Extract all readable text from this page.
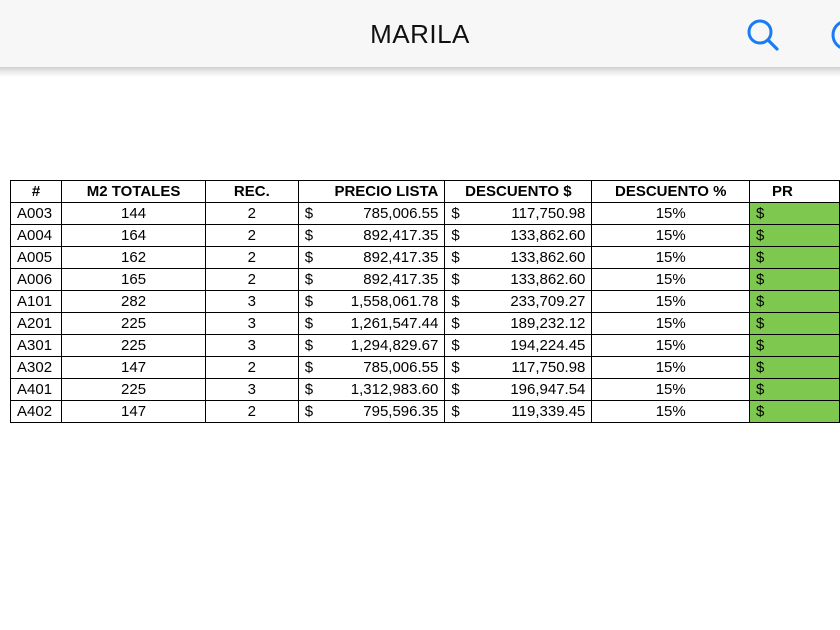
MARILA
#	M2 TOTALES	REC.	PRECIO LISTA	DESCUENTO $	DESCUENTO %	PR
A003	144	2	$ 785,006.55	$ 117,750.98	15%	$
A004	164	2	$ 892,417.35	$ 133,862.60	15%	$
A005	162	2	$ 892,417.35	$ 133,862.60	15%	$
A006	165	2	$ 892,417.35	$ 133,862.60	15%	$
A101	282	3	$ 1,558,061.78	$ 233,709.27	15%	$
A201	225	3	$ 1,261,547.44	$ 189,232.12	15%	$
A301	225	3	$ 1,294,829.67	$ 194,224.45	15%	$
A302	147	2	$ 785,006.55	$ 117,750.98	15%	$
A401	225	3	$ 1,312,983.60	$ 196,947.54	15%	$
A402	147	2	$ 795,596.35	$ 119,339.45	15%	$
